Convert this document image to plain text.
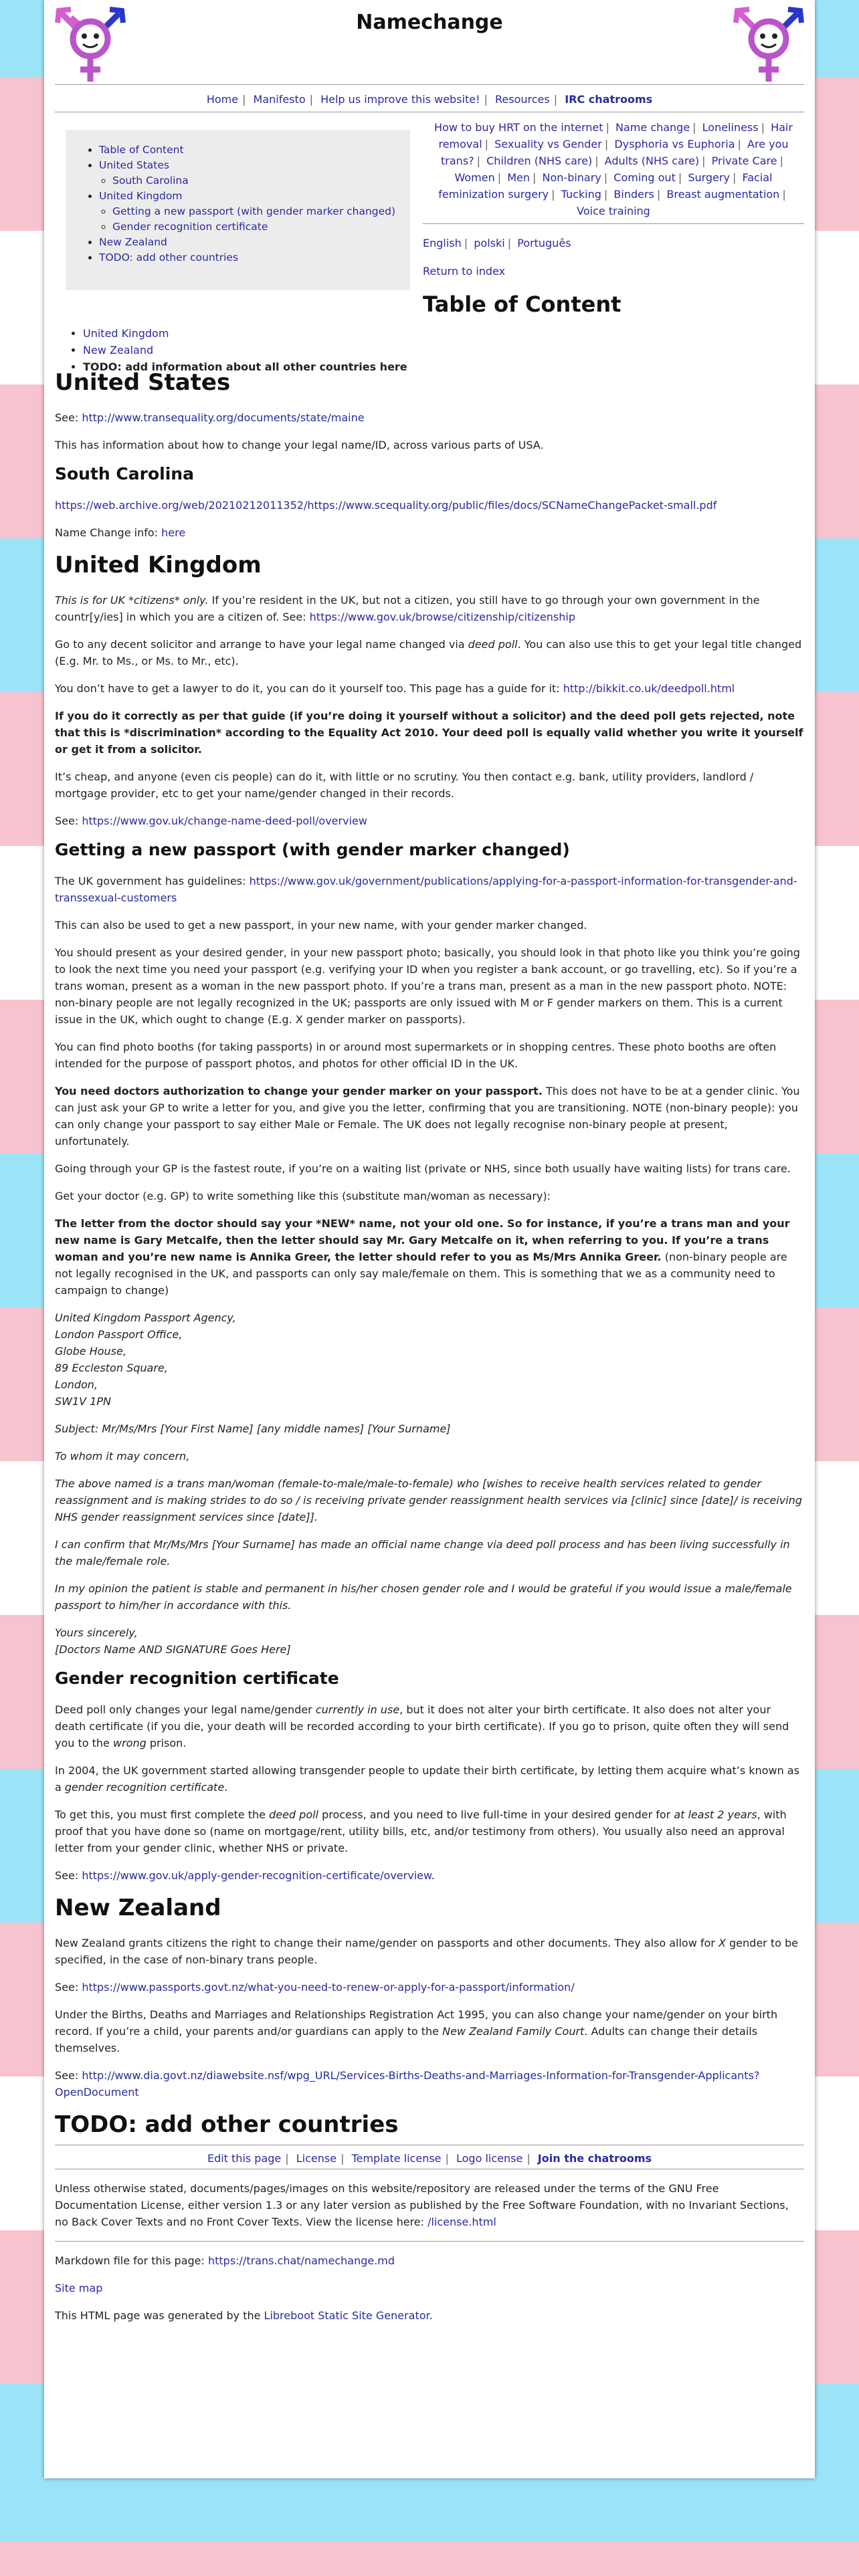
Namechange
Home | Manifesto | Help us improve this website! | Resources | IRC chatrooms
• Table of Content
• United States
◦ South Carolina
• United Kingdom
◦ Getting a new passport (with gender marker changed)
◦ Gender recognition certificate
• New Zealand
• TODO: add other countries
How to buy HRT on the internet | Name change | Loneliness | Hair removal | Sexuality vs Gender | Dysphoria vs Euphoria | Are you trans? | Children (NHS care) | Adults (NHS care) | Private Care | Women | Men | Non-binary | Coming out | Surgery | Facial feminization surgery | Tucking | Binders | Breast augmentation | Voice training
English | polski | Português
Return to index
Table of Content
• United Kingdom
• New Zealand
• TODO: add information about all other countries here
United States

See: http://www.transequality.org/documents/state/maine

This has information about how to change your legal name/ID, across various parts of USA.

South Carolina

https://web.archive.org/web/20210212011352/https://www.scequality.org/public/files/docs/SCNameChangePacket-small.pdf

Name Change info: here

United Kingdom

This is for UK *citizens* only. If you’re resident in the UK, but not a citizen, you still have to go through your own government in the countr[y/ies] in which you are a citizen of. See: https://www.gov.uk/browse/citizenship/citizenship

Go to any decent solicitor and arrange to have your legal name changed via deed poll. You can also use this to get your legal title changed (E.g. Mr. to Ms., or Ms. to Mr., etc).

You don’t have to get a lawyer to do it, you can do it yourself too. This page has a guide for it: http://bikkit.co.uk/deedpoll.html

If you do it correctly as per that guide (if you’re doing it yourself without a solicitor) and the deed poll gets rejected, note that this is *discrimination* according to the Equality Act 2010. Your deed poll is equally valid whether you write it yourself or get it from a solicitor.

It’s cheap, and anyone (even cis people) can do it, with little or no scrutiny. You then contact e.g. bank, utility providers, landlord / mortgage provider, etc to get your name/gender changed in their records.

See: https://www.gov.uk/change-name-deed-poll/overview

Getting a new passport (with gender marker changed)

The UK government has guidelines: https://www.gov.uk/government/publications/applying-for-a-passport-information-for-transgender-and-transsexual-customers

This can also be used to get a new passport, in your new name, with your gender marker changed.

You should present as your desired gender, in your new passport photo; basically, you should look in that photo like you think you’re going to look the next time you need your passport (e.g. verifying your ID when you register a bank account, or go travelling, etc). So if you’re a trans woman, present as a woman in the new passport photo. If you’re a trans man, present as a man in the new passport photo. NOTE: non-binary people are not legally recognized in the UK; passports are only issued with M or F gender markers on them. This is a current issue in the UK, which ought to change (E.g. X gender marker on passports).

You can find photo booths (for taking passports) in or around most supermarkets or in shopping centres. These photo booths are often intended for the purpose of passport photos, and photos for other official ID in the UK.

You need doctors authorization to change your gender marker on your passport. This does not have to be at a gender clinic. You can just ask your GP to write a letter for you, and give you the letter, confirming that you are transitioning. NOTE (non-binary people): you can only change your passport to say either Male or Female. The UK does not legally recognise non-binary people at present, unfortunately.

Going through your GP is the fastest route, if you’re on a waiting list (private or NHS, since both usually have waiting lists) for trans care.

Get your doctor (e.g. GP) to write something like this (substitute man/woman as necessary):

The letter from the doctor should say your *NEW* name, not your old one. So for instance, if you’re a trans man and your new name is Gary Metcalfe, then the letter should say Mr. Gary Metcalfe on it, when referring to you. If you’re a trans woman and you’re new name is Annika Greer, the letter should refer to you as Ms/Mrs Annika Greer. (non-binary people are not legally recognised in the UK, and passports can only say male/female on them. This is something that we as a community need to campaign to change)

United Kingdom Passport Agency,
London Passport Office,
Globe House,
89 Eccleston Square,
London,
SW1V 1PN

Subject: Mr/Ms/Mrs [Your First Name] [any middle names] [Your Surname]

To whom it may concern,

The above named is a trans man/woman (female-to-male/male-to-female) who [wishes to receive health services related to gender reassignment and is making strides to do so / is receiving private gender reassignment health services via [clinic] since [date]/ is receiving NHS gender reassignment services since [date]].

I can confirm that Mr/Ms/Mrs [Your Surname] has made an official name change via deed poll process and has been living successfully in the male/female role.

In my opinion the patient is stable and permanent in his/her chosen gender role and I would be grateful if you would issue a male/female passport to him/her in accordance with this.

Yours sincerely,
[Doctors Name AND SIGNATURE Goes Here]
Gender recognition certificate

Deed poll only changes your legal name/gender currently in use, but it does not alter your birth certificate. It also does not alter your death certificate (if you die, your death will be recorded according to your birth certificate). If you go to prison, quite often they will send you to the wrong prison.

In 2004, the UK government started allowing transgender people to update their birth certificate, by letting them acquire what’s known as a gender recognition certificate.

To get this, you must first complete the deed poll process, and you need to live full-time in your desired gender for at least 2 years, with proof that you have done so (name on mortgage/rent, utility bills, etc, and/or testimony from others). You usually also need an approval letter from your gender clinic, whether NHS or private.

See: https://www.gov.uk/apply-gender-recognition-certificate/overview.

New Zealand

New Zealand grants citizens the right to change their name/gender on passports and other documents. They also allow for X gender to be specified, in the case of non-binary trans people.

See: https://www.passports.govt.nz/what-you-need-to-renew-or-apply-for-a-passport/information/

Under the Births, Deaths and Marriages and Relationships Registration Act 1995, you can also change your name/gender on your birth record. If you’re a child, your parents and/or guardians can apply to the New Zealand Family Court. Adults can change their details themselves.

See: http://www.dia.govt.nz/diawebsite.nsf/wpg_URL/Services-Births-Deaths-and-Marriages-Information-for-Transgender-Applicants?OpenDocument

TODO: add other countries
Edit this page | License | Template license | Logo license | Join the chatrooms

Unless otherwise stated, documents/pages/images on this website/repository are released under the terms of the GNU Free Documentation License, either version 1.3 or any later version as published by the Free Software Foundation, with no Invariant Sections, no Back Cover Texts and no Front Cover Texts. View the license here: /license.html

Markdown file for this page: https://trans.chat/namechange.md

Site map

This HTML page was generated by the Libreboot Static Site Generator.
